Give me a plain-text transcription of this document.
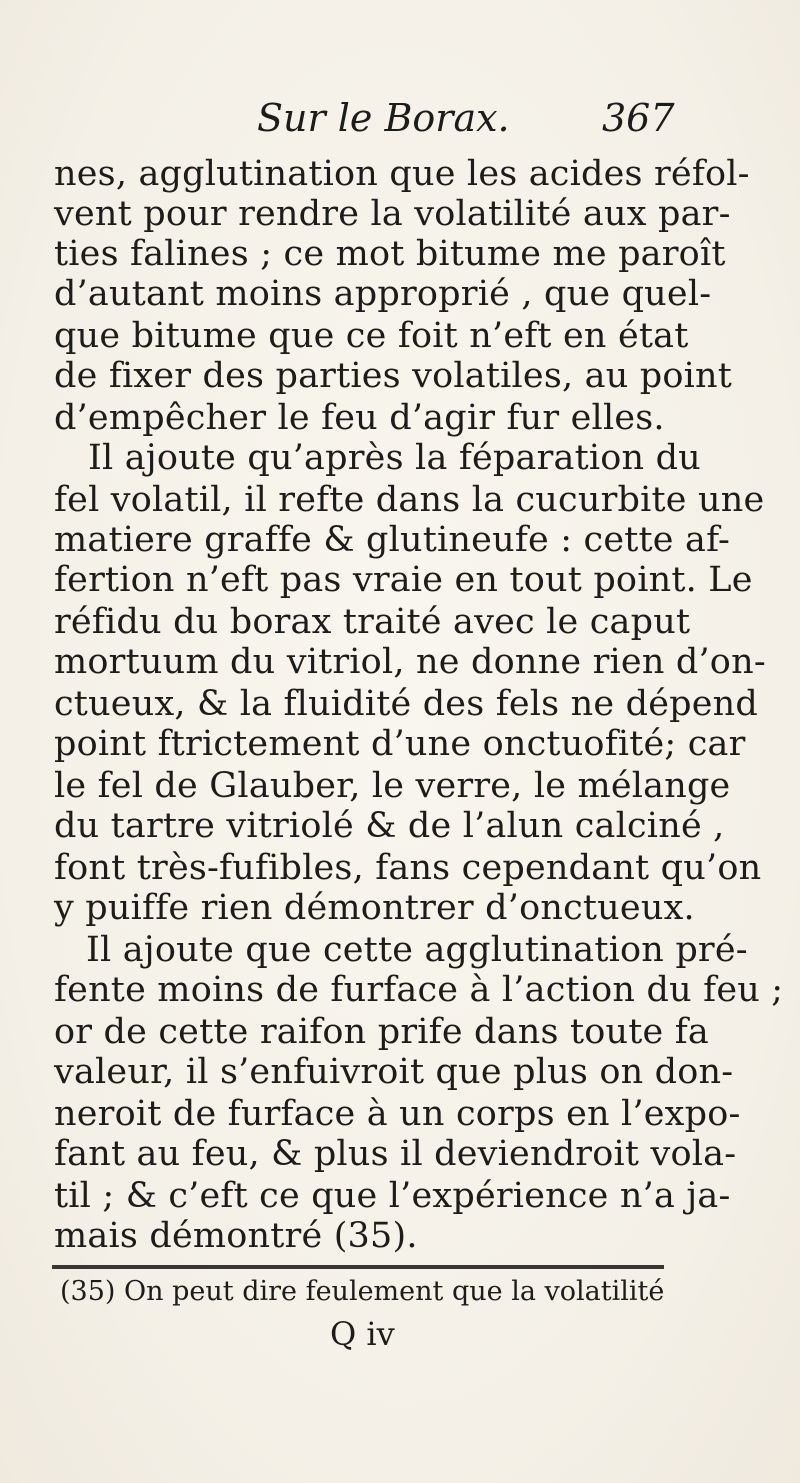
Sur le Borax. 367
nes, agglutination que les acides réfol-
vent pour rendre la volatilité aux par-
ties falines ; ce mot bitume me paroît
d’autant moins approprié , que quel-
que bitume que ce foit n’eft en état
de fixer des parties volatiles, au point
d’empêcher le feu d’agir fur elles.
Il ajoute qu’après la féparation du
fel volatil, il refte dans la cucurbite une
matiere graffe & glutineufe : cette af-
fertion n’eft pas vraie en tout point. Le
réfidu du borax traité avec le caput
mortuum du vitriol, ne donne rien d’on-
ctueux, & la fluidité des fels ne dépend
point ftrictement d’une onctuofité; car
le fel de Glauber, le verre, le mélange
du tartre vitriolé & de l’alun calciné ,
font très-fufibles, fans cependant qu’on
y puiffe rien démontrer d’onctueux.
Il ajoute que cette agglutination pré-
fente moins de furface à l’action du feu ;
or de cette raifon prife dans toute fa
valeur, il s’enfuivroit que plus on don-
neroit de furface à un corps en l’expo-
fant au feu, & plus il deviendroit vola-
til ; & c’eft ce que l’expérience n’a ja-
mais démontré (35).
(35) On peut dire feulement que la volatilité
Q iv
